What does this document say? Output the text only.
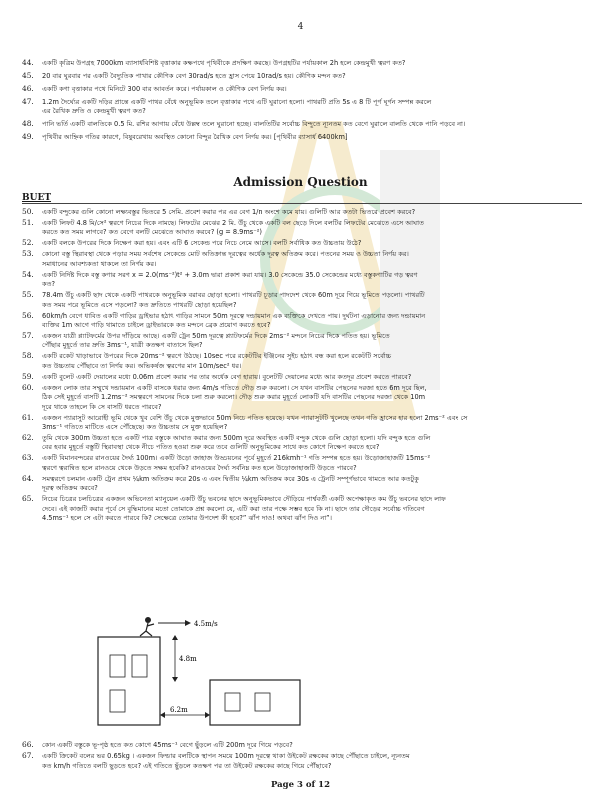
4
44. একটি কৃত্রিম উপগ্রহ 7000km ব্যাসার্ধবিশিষ্ট বৃত্তাকার কক্ষপথে পৃথিবীকে প্রদক্ষিণ করছে। উপগ্রহটির পর্যায়কাল 2h হলে কেন্দ্রমুখী ত্বরণ কত?
45. 20 বার ঘুরবার পর একটি বৈদ্যুতিক পাখার কৌণিক বেগ 30rad/s হতে হ্রাস পেয়ে 10rad/s হয়। কৌণিক মন্দন কত?
46. একটি কণা বৃত্তাকার পথে মিনিটে 300 বার আবর্তন করে। পর্যায়কাল ও কৌণিক বেগ নির্ণয় কর।
47. 1.2m দৈর্ঘ্যের একটি দড়ির প্রান্তে একটি পাথর বেঁধে অনুভূমিক তলে বৃত্তাকার পথে এটি ঘুরানো হলো। পাথরটি প্রতি 5s এ 8 টি পূর্ণ ঘূর্ণন সম্পন্ন করলে
এর রৈখিক দ্রুতি ও কেন্দ্রমুখী ত্বরণ কত?
48. পানি ভর্তি একটি বালতিকে 0.5 মি. রশির আগায় বেঁধে উল্লম্ব তলে ঘুরানো হচ্ছে। বালতিটির সর্বোচ্চ বিন্দুতে ন্যূনতম কত বেগে ঘুরালে বালতি থেকে পানি পড়বে না।
49. পৃথিবীর আহ্নিক গতির কারণে, বিষুবরেখায় অবস্থিত কোনো বিন্দুর রৈখিক বেগ নির্ণয় কর। [পৃথিবীর ব্যাসার্ধ 6400km]
Admission Question
BUET
50. একটি বন্দুকের গুলি কোনো লক্ষ্যবস্তুর ভিতরে 5 সেমি. প্রবেশ করার পর এর বেগ 1/n অংশে কমে যায়। গুলিটি আর কতটা ভিতরে প্রবেশ করবে?
51. একটি লিফট 4.8 মি/সে² ত্বরণে নিচের দিকে নামছে। লিফটের মেঝের 2 মি. উঁচু থেকে একটি বল ছেড়ে দিলে বলটির লিফটের মেঝেতে এসে আঘাত
করতে কত সময় লাগবে? কত বেগে বলটি মেঝেতে আঘাত করবে? (g = 8.9ms⁻²)
52. একটি বলকে উপরের দিকে নিক্ষেপ করা হয়। এবং এটি 6 সেকেন্ড পরে নিচে নেমে আসে। বলটি সর্বাধিক কত উচ্চতায় উঠে?
53. কোনো বস্তু স্থিরাবস্থা থেকে পড়ার সময় সর্বশেষ সেকেন্ডে মোট অতিক্রান্ত দূরত্বের অর্ধেক দূরত্ব অতিক্রম করে। পতনের সময় ও উচ্চতা নির্ণয় কর।
সমাধানের আবশ্যকতা থাকলে তা নির্ণয় কর।
54. একটি নির্দিষ্ট দিকে বস্তু কণার সরণ x = 2.0(ms⁻²)t² + 3.0m দ্বারা প্রকাশ করা যায়। 3.0 সেকেন্ডে 35.0 সেকেন্ডের মধ্যে বস্তুকণাটির গড় ত্বরণ
কত?
55. 78.4m উঁচু একটি ছাদ থেকে একটি পাথরকে অনুভূমিক বরাবর ছোড়া হলো। পাথরটি চূড়ার পাদদেশ থেকে 60m দূরে গিয়ে ভূমিতে পড়লো। পাথরটি
কত সময় পরে ভূমিতে এসে পড়লো? কত দ্রুতিতে পাথরটি ছোড়া হয়েছিল?
56. 60km/h বেগে ধাবিত একটি গাড়ির ড্রাইভার হঠাৎ গাড়ির সামনে 50m দূরত্বে দন্ডায়মান এক ব্যক্তিকে দেখতে পায়। দুর্ঘটনা এড়ানোর জন্য দন্ডায়মান
ব্যক্তির 1m আগে গাড়ি থামাতে চাইলে ড্রাইভারকে কত মন্দনে ব্রেক প্রয়োগ করতে হবে?
57. একজন যাত্রী প্ল্যাটফর্মের উপর দাঁড়িয়ে আছে। একটি ট্রেন 50m দূরত্বে প্ল্যাটফর্মের দিকে 2ms⁻² মন্দনে নিচের দিকে পতিত হয়। ভূমিতে
পৌঁছার মুহূর্তে তার দ্রুতি 3ms⁻¹, যাত্রী কতক্ষণ বাতাসে ছিল?
58. একটি রকেট খাড়াভাবে উপরের দিকে 20ms⁻² ত্বরণে উঠছে। 10sec পরে রকেটটির ইঞ্জিনের সুইচ হঠাৎ বন্ধ করা হলে রকেটটি সর্বোচ্চ
কত উচ্চতায় পৌঁছাবে তা নির্ণয় কর। অভিকর্ষজ ত্বরণের মান 10m/sec² ধর।
59. একটি বুলেট একটি দেয়ালের মধ্যে 0.06m প্রবেশ করার পর তার অর্ধেক বেগ হারায়। বুলেটটি দেয়ালের মধ্যে আর কতদূর প্রবেশ করতে পারবে?
60. একজন লোক তার সম্মুখে দন্ডায়মান একটি বাসকে ধরার জন্য 4m/s গতিতে দৌড় শুরু করলো। সে যখন বাসটির পেছনের দরজা হতে 6m দূরে ছিল,
ঠিক সেই মুহূর্তে বাসটি 1.2ms⁻² সমত্বরণে সামনের দিকে চলা শুরু করলো। দৌড় শুরু করার মুহূর্তে লোকটি যদি বাসটির পেছনের দরজা থেকে 10m
দূরে থাকে তাহলে কি সে বাসটি ধরতে পারবে?
61. একজন প্যারাসুট আরোহী ভূমি থেকে খুব বেশি উঁচু থেকে মুক্তভাবে 50m নিচে পতিত হয়েছে। যখন প্যারাসুটটি খুলেছে তখন গতি হ্রাসের হার হলো 2ms⁻² এবং সে
3ms⁻¹ গতিতে মাটিতে এসে পৌঁছেছে। কত উচ্চতায় সে মুক্ত হয়েছিল?
62. তুমি থেকে 300m উচ্চতা হতে একটি পাত্র বস্তুকে আঘাত করার জন্য 500m দূরে অবস্থিত একটি বন্দুক থেকে গুলি ছোড়া হলো। যদি বন্দুক হতে গুলি
বের হবার মুহূর্তে বস্তুটি স্থিরাবস্থা থেকে নীচে পতিত হওয়া শুরু করে তবে গুলিটি অনুভূমিকের সাথে কত কোণে নিক্ষেপ করতে হবে?
63. একটি বিমানবন্দরের রানওয়ের দৈর্ঘ্য 100m। একটি উড়ো জাহাজ উড্ডয়নের পূর্বে মুহূর্তে 216kmh⁻¹ গতি সম্পন্ন হতে হয়। উড়োজাহাজটি 15ms⁻²
ত্বরণে ত্বরান্বিত হলে রানওয়ে থেকে উড়তে সক্ষম হবেকি? রানওয়ের দৈর্ঘ্য সর্বনিম্ন কত হলে উড়োজাহাজটি উড়তে পারবে?
64. সমত্বরণে চলমান একটি ট্রেন প্রথম ¼km অতিক্রম করে 20s এ এবং দ্বিতীয় ¼km অতিক্রম করে 30s এ ট্রেনটি সম্পূর্ণভাবে থামতে আর কতটুকু
দূরত্ব অতিক্রম করবে?
65. নিচের চিত্রের চলচিত্রের একজন অভিনেতা ম্যানুয়েল একটি উঁচু ভবনের ছাদে অনুভূমিকভাবে দৌড়িয়ে পার্শ্ববর্তী একটি অপেক্ষাকৃত কম উঁচু ভবনের ছাদে লাফ
দেবে। এই কাজটি করার পূর্বে সে বুদ্ধিমানের মতো তোমাকে প্রশ্ন করলো যে, এটি করা তার পক্ষে সম্ভব হবে কি না। ছাদে তার দৌড়ের সর্বোচ্চ গতিবেগ
4.5ms⁻¹ হলে সে এটা করতে পারবে কি? সেক্ষেত্রে তোমার উপদেশ কী হবে?” ঝাঁপ দাও! অথবা ঝাঁপ দিও না”।
4.5m/s
4.8m
6.2m
66. কোন একটি বস্তুকে ভূ-পৃষ্ঠ হতে কত কোণে 45ms⁻¹ বেগে ছুঁড়লে এটি 200m দূরে গিয়ে পড়বে?
67. একটি ক্রিকেট বলের ভর 0.65kg । একজন ফিল্ডার বলটিকে স্থাপন সময়ে 100m দূরত্বে থাকা উইকেট রক্ষকের কাছে পৌঁছাতে চাইলে, ন্যূনতম
কত km/h গতিতে বলটি ছুড়তে হবে? এই গতিতে ছুঁড়লে কতক্ষণ পর তা উইকেট রক্ষকের কাছে গিয়ে পৌঁছাবে?
Page 3 of 12
